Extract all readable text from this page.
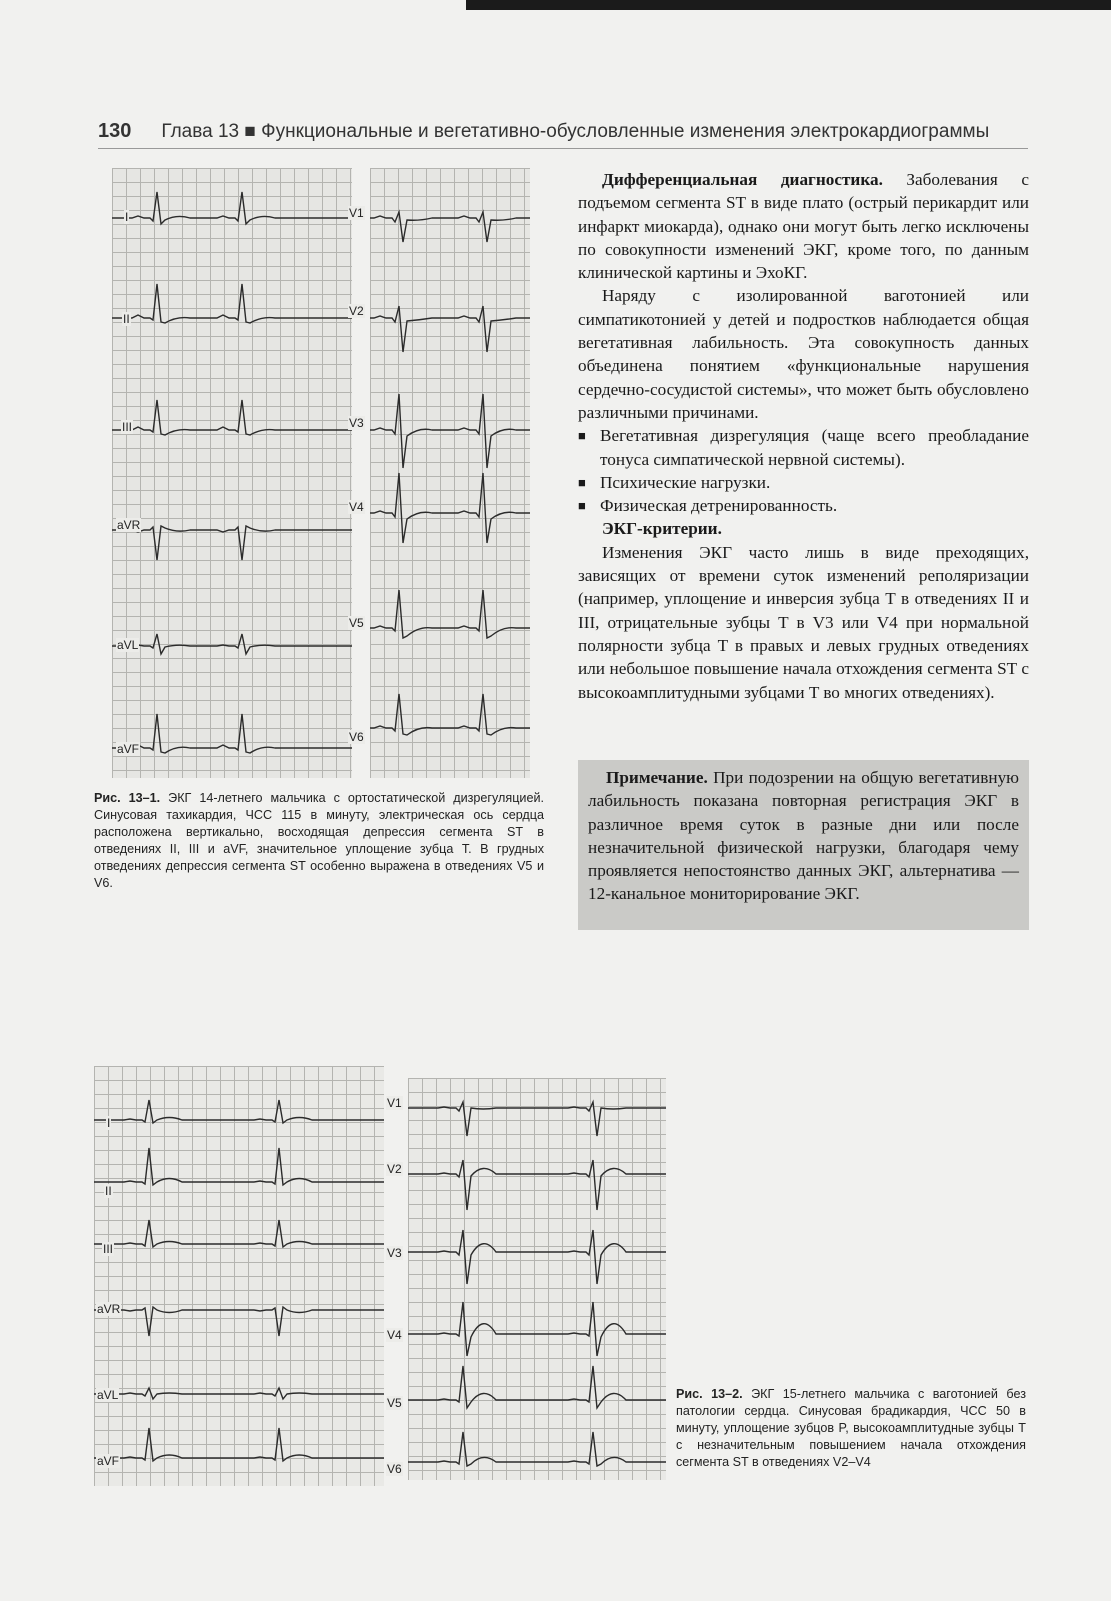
130 Глава 13 ■ Функциональные и вегетативно-обусловленные изменения электрокардиограммы
I
II
III
aVR
aVL
aVF
V1
V2
V3
V4
V5
V6

Рис. 13–1. ЭКГ 14-летнего мальчика с ортостатической дизрегуляцией. Синусовая тахикардия, ЧСС 115 в минуту, электрическая ось сердца расположена вертикально, восходящая депрессия сегмента ST в отведениях II, III и aVF, значительное уплощение зубца T. В грудных отведениях депрессия сегмента ST особенно выражена в отведениях V5 и V6.

Дифференциальная диагностика. Заболевания с подъемом сегмента ST в виде плато (острый перикардит или инфаркт миокарда), однако они могут быть легко исключены по совокупности изменений ЭКГ, кроме того, по данным клинической картины и ЭхоКГ.

Наряду с изолированной ваготонией или симпатикотонией у детей и подростков наблюдается общая вегетативная лабильность. Эта совокупность данных объединена понятием «функциональные нарушения сердечно-сосудистой системы», что может быть обусловлено различными причинами.

■ Вегетативная дизрегуляция (чаще всего преобладание тонуса симпатической нервной системы).
■ Психические нагрузки.
■ Физическая детренированность.

ЭКГ-критерии.

Изменения ЭКГ часто лишь в виде преходящих, зависящих от времени суток изменений реполяризации (например, уплощение и инверсия зубца T в отведениях II и III, отрицательные зубцы T в V3 или V4 при нормальной полярности зубца T в правых и левых грудных отведениях или небольшое повышение начала отхождения сегмента ST с высокоамплитудными зубцами T во многих отведениях).

Примечание. При подозрении на общую вегетативную лабильность показана повторная регистрация ЭКГ в различное время суток в разные дни или после незначительной физической нагрузки, благодаря чему проявляется непостоянство данных ЭКГ, альтернатива — 12-канальное мониторирование ЭКГ.

I
II
III
aVR
aVL
aVF
V1
V2
V3
V4
V5
V6

Рис. 13–2. ЭКГ 15-летнего мальчика с ваготонией без патологии сердца. Синусовая брадикардия, ЧСС 50 в минуту, уплощение зубцов P, высокоамплитудные зубцы T с незначительным повышением начала отхождения сегмента ST в отведениях V2–V4
